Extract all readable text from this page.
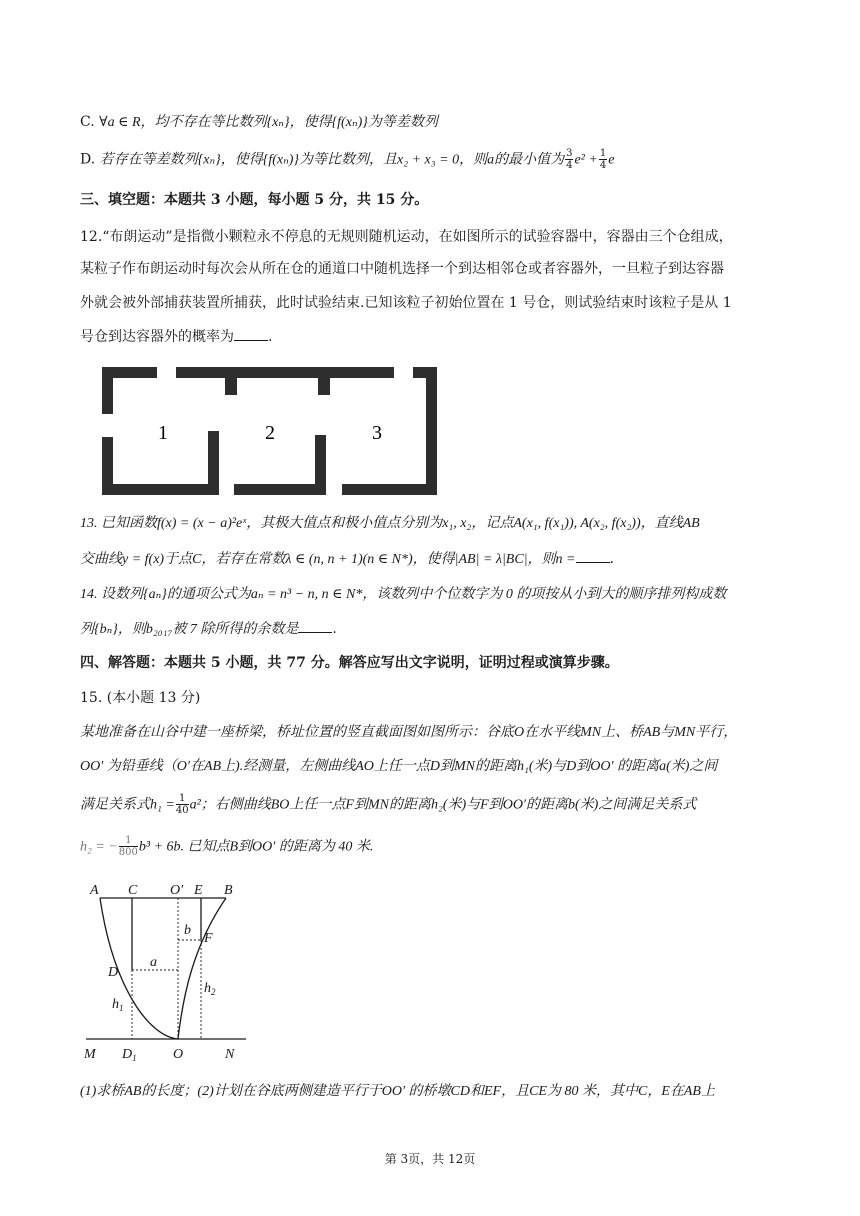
C. ∀a ∈ R，均不存在等比数列{xₙ}，使得{f(xₙ)}为等差数列
D. 若存在等差数列{xₙ}，使得{f(xₙ)}为等比数列，且x₂ + x₃ = 0，则a的最小值为 $\frac{3}{4} e^2 + \frac{1}{4}$ e
三、填空题：本题共 3 小题，每小题 5 分，共 15 分。
12.“布朗运动”是指微小颗粒永不停息的无规则随机运动，在如图所示的试验容器中，容器由三个仓组成，
某粒子作布朗运动时每次会从所在仓的通道口中随机选择一个到达相邻仓或者容器外，一旦粒子到达容器
外就会被外部捕获装置所捕获，此时试验结束.已知该粒子初始位置在 1 号仓，则试验结束时该粒子是从 1
号仓到达容器外的概率为 .
1	2	3
13. 已知函数f(x) = (x − a)²eˣ，其极大值点和极小值点分别为x₁, x₂，记点A(x₁, f(x₁)), A(x₂, f(x₂))，直线AB
交曲线y = f(x)于点C，若存在常数λ ∈ (n, n + 1)(n ∈ N*)，使得|AB| = λ|BC|，则n = .
14. 设数列{aₙ}的通项公式为aₙ = n³ − n, n ∈ N*，该数列中个位数字为 0 的项按从小到大的顺序排列构成数
列{bₙ}，则b₂₀₁₇被 7 除所得的余数是 .
四、解答题：本题共 5 小题，共 77 分。解答应写出文字说明，证明过程或演算步骤。
15. (本小题 13 分)
某地准备在山谷中建一座桥梁，桥址位置的竖直截面图如图所示：谷底O在水平线MN上、桥AB与MN平行，
OO′ 为铅垂线（O′在AB上).经测量，左侧曲线AO上任一点D到MN的距离h₁(米)与D到OO′ 的距离a(米)之间
满足关系式$h_1 = \frac{1}{40} a^2$；右侧曲线BO上任一点F到MN的距离h₂(米)与F到OO′的距离b(米)之间满足关系式
h₂ = − $\frac{1}{800} b^3 + 6b$. 已知点B到OO′ 的距离为 40 米.
A C O′ E B
b
F
D
a
$h_2$
$h_1$
M $D_1$	O	N
(1)求桥AB的长度；(2)计划在谷底两侧建造平行于OO′ 的桥墩CD和EF，且CE为 80 米，其中C，E在AB上
第 3页，共 12页
